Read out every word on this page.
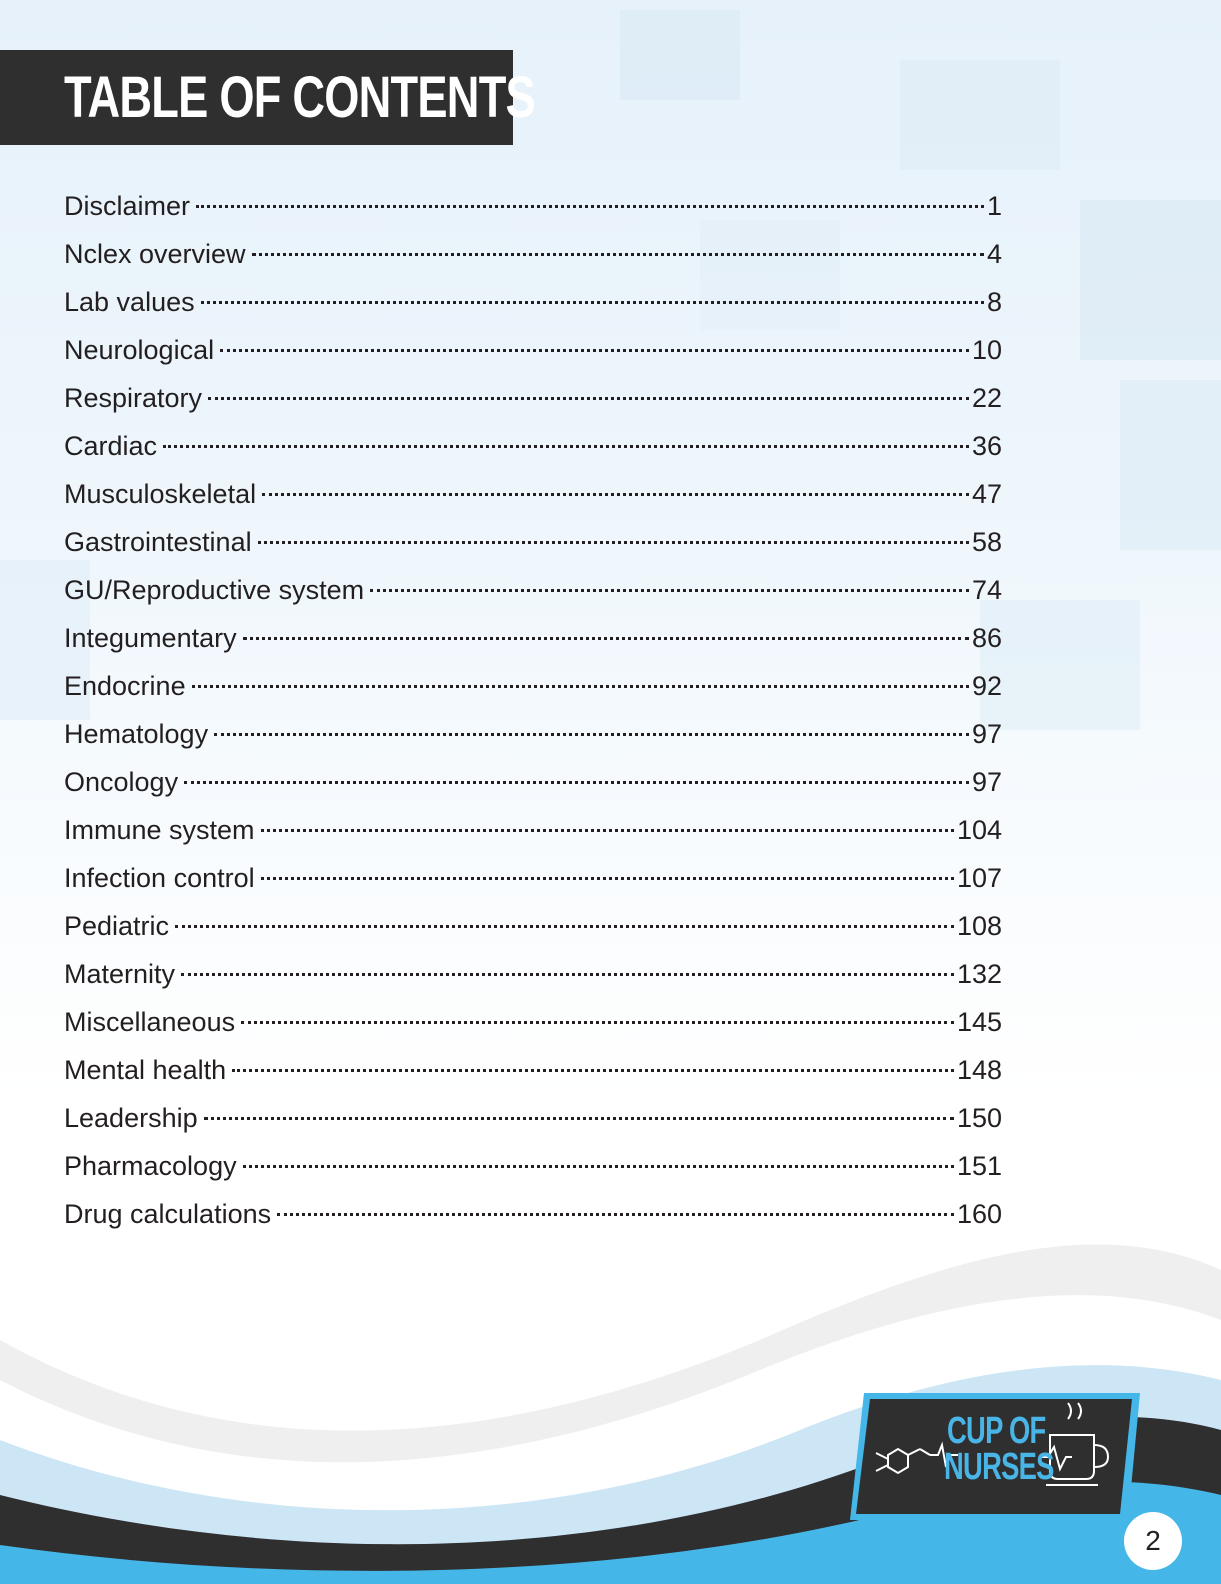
TABLE OF CONTENTS
Disclaimer	1
Nclex overview	4
Lab values	8
Neurological	10
Respiratory	22
Cardiac	36
Musculoskeletal	47
Gastrointestinal	58
GU/Reproductive system	74
Integumentary	86
Endocrine	92
Hematology	97
Oncology	97
Immune system	104
Infection control	107
Pediatric	108
Maternity	132
Miscellaneous	145
Mental health	148
Leadership	150
Pharmacology	151
Drug calculations	160
CUP OF
NURSES
2
